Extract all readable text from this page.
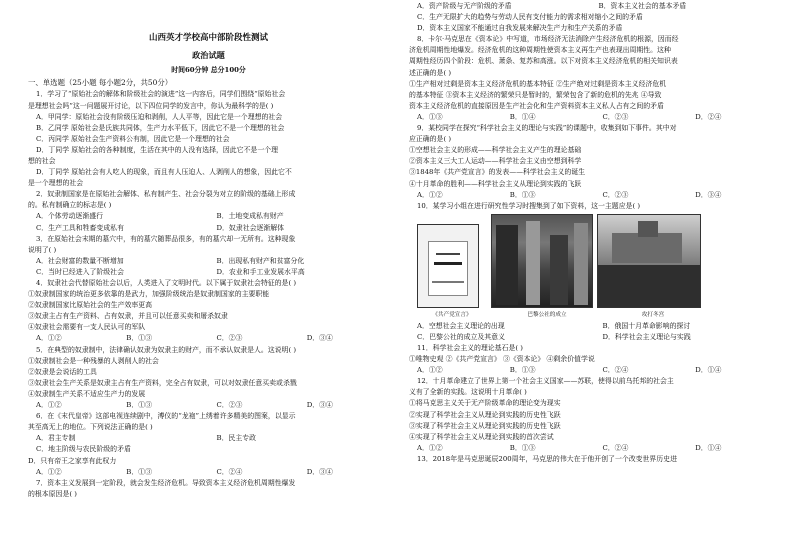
山西英才学校高中部阶段性测试
政治试题
时间60分钟 总分100分
一、单选题（25小题 每小题2分，共50分）
1．学习了“原始社会的解体和阶级社会的演进”这一内容后，同学们围绕“原始社会
是理想社会吗”这一问题展开讨论，以下四位同学的发言中，你认为最科学的是( )
A．甲同学：原始社会没有阶级压迫和剥削，人人平等，因此它是一个理想的社会
B．乙同学 原始社会是氏族共同体，生产力水平低下，因此它不是一个理想的社会
C．丙同学 原始社会生产资料公有制，因此它是一个理想的社会
D．丁同学 原始社会的各种制度，生活在其中的人没有选择，因此它不是一个理
想的社会
D．丁同学 原始社会有人吃人的现象，而且有人压迫人、人剥削人的想象，因此它不
是一个理想的社会
2．奴隶制国家是在原始社会解体、私有制产生、社会分裂为对立的阶级的基础上形成
的。私有制确立的标志是( )
A．个体劳动逐渐盛行	B．土地变成私有财产
C．生产工具和牲畜变成私有	D．奴隶社会逐渐解体
3．在原始社会末期的墓穴中，有的墓穴随葬品很多，有的墓穴却一无所有。这种现象
说明了( )
A．社会财富的数量不断增加	B．出现私有财产和贫富分化
C．当时已经进入了阶级社会	D．农业和手工业发展水平高
4．奴隶社会代替原始社会以后，人类进入了文明时代。以下属于奴隶社会特征的是( )
①奴隶制国家的统治更多依靠的是武力，加强阶级统治是奴隶制国家的主要职能
②奴隶制国家比原始社会的生产效率更高
③奴隶主占有生产资料、占有奴隶，并且可以任意买卖和屠杀奴隶
④奴隶社会需要有一支人民认可的军队
A．①②	B．①③	C．②③	D．③④
5．在典型的奴隶制中，法律确认奴隶为奴隶主的财产，而不承认奴隶是人。这说明( )
①奴隶制社会是一种残暴的人剥削人的社会
②奴隶是会说话的工具
③奴隶社会生产关系是奴隶主占有生产资料，完全占有奴隶，可以对奴隶任意买卖或杀戮
④奴隶制生产关系不适应生产力的发展
A．①②	B．①③	C．②③	D．③④
6．在《末代皇帝》这部电视连续剧中，溥仪的“龙袍”上绣着许多精美的图案，以显示
其至高无上的地位。下列说法正确的是( )
A．君主专制	B．民主专政
C．地主阶级与农民阶级的矛盾
D．只有帝王之家享有此权力
A．①②	B．①③	C．②④	D．③④
7．资本主义发展到一定阶段，就会发生经济危机。导致资本主义经济危机周期性爆发
的根本原因是( )
A．资产阶级与无产阶级的矛盾	B．资本主义社会的基本矛盾
C．生产无限扩大的趋势与劳动人民有支付能力的需求相对缩小之间的矛盾
D．资本主义国家不能通过自我发展来解决生产力和生产关系的矛盾
8．卡尔·马克思在《资本论》中写道，市场经济无法消除产生经济危机的根源，因而经
济危机周期性地爆发。经济危机的这种周期性使资本主义再生产也表现出周期性。这种
周期性经历四个阶段：危机、萧条、复苏和高涨。以下对资本主义经济危机的相关知识表
述正确的是( )
①生产相对过剩是资本主义经济危机的基本特征 ②生产绝对过剩是资本主义经济危机
的基本特征 ③资本主义经济的繁荣只是暂时的，繁荣包含了新的危机的先兆 ④导致
资本主义经济危机的直接原因是生产社会化和生产资料资本主义私人占有之间的矛盾
A．①③	B．①④	C．②③	D．②④
9．某校同学在探究“科学社会主义的理论与实践”的课题中，收集到如下事件。其中对
应正确的是( )
①空想社会主义的形成——科学社会主义产生的理论基础
②资本主义三大工人运动——科学社会主义由空想到科学
③1848年《共产党宣言》的发表——科学社会主义的诞生
④十月革命的胜利——科学社会主义从理论到实践的飞跃
A．①②	B．①③	C．②③	D．③④
10．某学习小组在进行研究性学习时搜集到了如下资料，这一主题应是( )
《共产党宣言》	巴黎公社的成立	攻打冬宫
A．空想社会主义理论的出现	B．俄国十月革命影响的探讨
C．巴黎公社的成立及其意义	D．科学社会主义理论与实践
11．科学社会主义的理论基石是( )
①唯物史观 ②《共产党宣言》 ③《资本论》 ④剩余价值学说
A．①②	B．①③	C．②④	D．①④
12．十月革命建立了世界上第一个社会主义国家——苏联，使得以前乌托邦的社会主
义有了全新的实践。这说明十月革命( )
①将马克思主义关于无产阶级革命的理论变为现实
②实现了科学社会主义从理论到实践的历史性飞跃
③实现了科学社会主义从理论到实践的历史性飞跃
④实现了科学社会主义从理论到实践的首次尝试
A．①②	B．①③	C．②④	D．①④
13．2018年是马克思诞辰200周年，马克思的伟大在于他开创了一个改变世界历史进
